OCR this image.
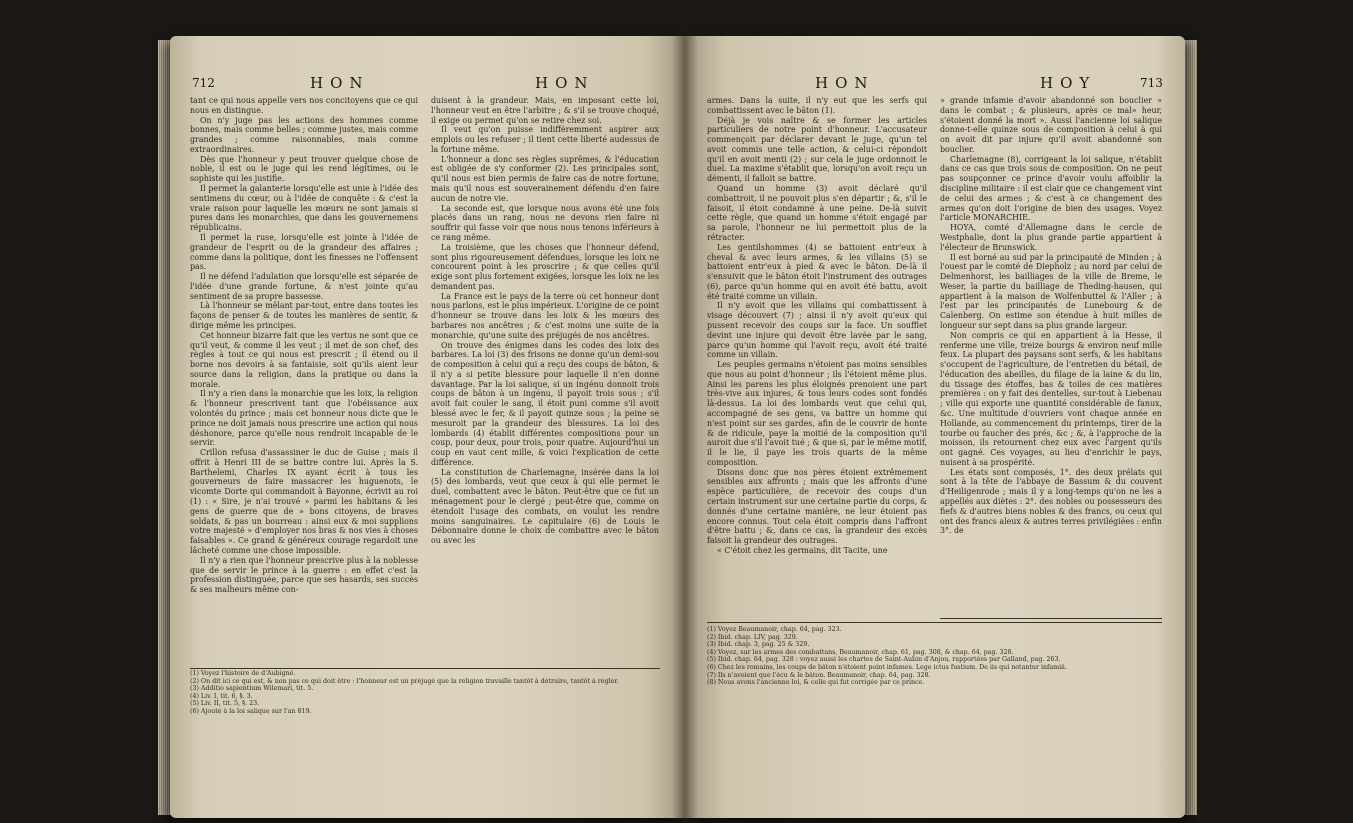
712	HON	HON

tant ce qui nous appelle vers nos concitoyens que ce qui nous en distingue.

On n'y juge pas les actions des hommes comme bonnes, mais comme belles ; comme justes, mais comme grandes ; comme raisonnables, mais comme extraordinaires.

Dès que l'honneur y peut trouver quelque chose de noble, il est ou le juge qui les rend légitimes, ou le sophiste qui les justifie.

Il permet la galanterie lorsqu'elle est unie à l'idée des sentimens du cœur, ou à l'idée de conquête : & c'est la vraie raison pour laquelle les mœurs ne sont jamais si pures dans les monarchies, que dans les gouvernemens républicains.

Il permet la ruse, lorsqu'elle est jointe à l'idée de grandeur de l'esprit ou de la grandeur des affaires ; comme dans la politique, dont les finesses ne l'offensent pas.

Il ne défend l'adulation que lorsqu'elle est séparée de l'idée d'une grande fortune, & n'est jointe qu'au sentiment de sa propre bassesse.

Là l'honneur se mêlant par-tout, entre dans toutes les façons de penser & de toutes les manières de sentir, & dirige même les principes.

Cet honneur bizarre fait que les vertus ne sont que ce qu'il veut, & comme il les veut ; il met de son chef, des règles à tout ce qui nous est prescrit ; il étend ou il borne nos devoirs à sa fantaisie, soit qu'ils aient leur source dans la religion, dans la pratique ou dans la morale.

Il n'y a rien dans la monarchie que les loix, la religion & l'honneur prescrivent tant que l'obéissance aux volontés du prince ; mais cet honneur nous dicte que le prince ne doit jamais nous prescrire une action qui nous déshonore, parce qu'elle nous rendroit incapable de le servir.

Crillon refusa d'assassiner le duc de Guise ; mais il offrit à Henri III de se battre contre lui. Après la S. Barthelemi, Charles IX ayant écrit à tous les gouverneurs de faire massacrer les huguenots, le vicomte Dorte qui commandoit à Bayonne, écrivit au roi (1) : « Sire, je n'ai trouvé » parmi les habitans & les gens de guerre que de » bons citoyens, de braves soldats, & pas un bourreau : ainsi eux & moi supplions votre majesté » d'employer nos bras & nos vies à choses faisables ». Ce grand & généreux courage regardoit une lâcheté comme une chose impossible.

Il n'y a rien que l'honneur prescrive plus à la noblesse que de servir le prince à la guerre : en effet c'est la profession distinguée, parce que ses hasards, ses succès & ses malheurs même con-

duisent à la grandeur. Mais, en imposant cette loi, l'honneur veut en être l'arbitre ; & s'il se trouve choqué, il exige ou permet qu'on se retire chez soi.

Il veut qu'on puisse indifféremment aspirer aux emplois ou les refuser ; il tient cette liberté audessus de la fortune même.

L'honneur a donc ses règles suprêmes, & l'éducation est obligée de s'y conformer (2). Les principales sont, qu'il nous est bien permis de faire cas de notre fortune, mais qu'il nous est souverainement défendu d'en faire aucun de notre vie.

La seconde est, que lorsque nous avons été une fois placés dans un rang, nous ne devons rien faire ni souffrir qui fasse voir que nous nous tenons inférieurs à ce rang même.

La troisième, que les choses que l'honneur défend, sont plus rigoureusement défendues, lorsque les loix ne concourent point à les proscrire ; & que celles qu'il exige sont plus fortement exigées, lorsque les loix ne les demandent pas.

La France est le pays de la terre où cet honneur dont nous parlons, est le plus impérieux. L'origine de ce point d'honneur se trouve dans les loix & les mœurs des barbares nos ancêtres ; & c'est moins une suite de la monarchie, qu'une suite des préjugés de nos ancêtres.

On trouve des énigmes dans les codes des loix des barbares. La loi (3) des frisons ne donne qu'un demi-sou de composition à celui qui a reçu des coups de bâton, & il n'y a si petite blessure pour laquelle il n'en donne davantage. Par la loi salique, si un ingénu donnoit trois coups de bâton à un ingénu, il payoit trois sous ; s'il avoit fait couler le sang, il étoit puni comme s'il avoit blessé avec le fer, & il payoit quinze sous ; la peine se mesuroit par la grandeur des blessures. La loi des lombards (4) établit différentes compositions pour un coup, pour deux, pour trois, pour quatre. Aujourd'hui un coup en vaut cent mille, & voici l'explication de cette différence.

La constitution de Charlemagne, insérée dans la loi (5) des lombards, veut que ceux à qui elle permet le duel, combattent avec le bâton. Peut-être que ce fut un ménagement pour le clergé ; peut-être que, comme on étendoit l'usage des combats, on voulut les rendre moins sanguinaires. Le capitulaire (6) de Louis le Débonnaire donne le choix de combattre avec le bâton ou avec les

(1) Voyez l'histoire de d'Aubigné.
(2) On dit ici ce qui est, & non pas ce qui doit être : l'honneur est un préjugé que la religion travaille tantôt à détruire, tantôt à régler.
(3) Additio sapientium Wilemari, tit. 5.
(4) Liv. I, tit. 6, §. 3.
(5) Liv. II, tit. 5, §. 23.
(6) Ajouté à la loi salique sur l'an 819.
HON	HOY	713

armes. Dans la suite, il n'y eut que les serfs qui combattissent avec le bâton (1).

Déjà je vois naître & se former les articles particuliers de notre point d'honneur. L'accusateur commençoit par déclarer devant le juge, qu'un tel avoit commis une telle action, & celui-ci répondoit qu'il en avoit menti (2) ; sur cela le juge ordonnoit le duel. La maxime s'établit que, lorsqu'on avoit reçu un démenti, il falloit se battre.

Quand un homme (3) avoit déclaré qu'il combattroit, il ne pouvoit plus s'en départir ; &, s'il le faisoit, il étoit condamné à une peine. De-là suivit cette règle, que quand un homme s'étoit engagé par sa parole, l'honneur ne lui permettoit plus de la rétracter.

Les gentilshommes (4) se battoient entr'eux à cheval & avec leurs armes, & les villains (5) se battoient entr'eux à pied & avec le bâton. De-là il s'ensuivit que le bâton étoit l'instrument des outrages (6), parce qu'un homme qui en avoit été battu, avoit été traité comme un villain.

Il n'y avoit que les villains qui combattissent à visage découvert (7) ; ainsi il n'y avoit qu'eux qui pussent recevoir des coups sur la face. Un soufflet devint une injure qui devoit être lavée par le sang, parce qu'un homme qui l'avoit reçu, avoit été traité comme un villain.

Les peuples germains n'étoient pas moins sensibles que nous au point d'honneur ; ils l'étoient même plus. Ainsi les parens les plus éloignés prenoient une part très-vive aux injures, & tous leurs codes sont fondés là-dessus. La loi des lombards veut que celui qui, accompagné de ses gens, va battre un homme qui n'est point sur ses gardes, afin de le couvrir de honte & de ridicule, paye la moitié de la composition qu'il auroit due s'il l'avoit tué ; & que si, par le même motif, il le lie, il paye les trois quarts de la même composition.

Disons donc que nos pères étoient extrêmement sensibles aux affronts ; mais que les affronts d'une espèce particulière, de recevoir des coups d'un certain instrument sur une certaine partie du corps, & donnés d'une certaine manière, ne leur étoient pas encore connus. Tout cela étoit compris dans l'affront d'être battu ; &, dans ce cas, la grandeur des excès faisoit la grandeur des outrages.

« C'étoit chez les germains, dit Tacite, une

» grande infamie d'avoir abandonné son bouclier » dans le combat ; & plusieurs, après ce mal» heur, s'étoient donné la mort ». Aussi l'ancienne loi salique donne-t-elle quinze sous de composition à celui à qui on avoit dit par injure qu'il avoit abandonné son bouclier.

Charlemagne (8), corrigeant la loi salique, n'établit dans ce cas que trois sous de composition. On ne peut pas soupçonner ce prince d'avoir voulu affoiblir la discipline militaire : il est clair que ce changement vint de celui des armes ; & c'est à ce changement des armes qu'on doit l'origine de bien des usages. Voyez l'article MONARCHIE.

HOYA, comté d'Allemagne dans le cercle de Westphalie, dont la plus grande partie appartient à l'électeur de Brunswick.

Il est borné au sud par la principauté de Minden ; à l'ouest par le comté de Diepholz ; au nord par celui de Delmenhorst, les bailliages de la ville de Breme, le Weser, la partie du bailliage de Theding-hausen, qui appartient à la maison de Wolfenbuttel & l'Aller ; à l'est par les principautés de Lunebourg & de Calenberg. On estime son étendue à huit milles de longueur sur sept dans sa plus grande largeur.

Non compris ce qui en appartient à la Hesse, il renferme une ville, treize bourgs & environ neuf mille feux. La plupart des paysans sont serfs, & les habitans s'occupent de l'agriculture, de l'entretien du bétail, de l'éducation des abeilles, du filage de la laine & du lin, du tissage des étoffes, bas & toiles de ces matières premières : on y fait des dentelles, sur-tout à Liebenau ; ville qui exporte une quantité considérable de fanux, &c. Une multitude d'ouvriers vont chaque année en Hollande, au commencement du printemps, tirer de la tourbe ou faucher des prés, &c ; &, à l'approche de la moisson, ils retournent chez eux avec l'argent qu'ils ont gagné. Ces voyages, au lieu d'enrichir le pays, nuisent à sa prospérité.

Les états sont composés, 1°. des deux prélats qui sont à la tête de l'abbaye de Bassum & du couvent d'Heiligenrode ; mais il y a long-temps qu'on ne les a appellés aux diètes : 2°. des nobles ou possesseurs des fiefs & d'autres biens nobles & des francs, ou ceux qui ont des francs aleux & autres terres privilégiées : enfin 3°. de

(1) Voyez Beaumanoir, chap. 64, pag. 323.
(2) Ibid. chap. LIV, pag. 329.
(3) Ibid. chap. 3, pag. 25 & 329.
(4) Voyez, sur les armes des combattans, Beaumanoir, chap. 61, pag. 308, & chap. 64, pag. 328.
(5) Ibid. chap. 64, pag. 328 : voyez aussi les chartes de Saint-Aubin d'Anjou, rapportées par Galland, pag. 263.
(6) Chez les romains, les coups de bâton n'étoient point infames. Lege ictus fustium. De iis qui notantur infamiâ.
(7) Ils n'avoient que l'écu & le bâton. Beaumanoir, chap. 64, pag. 328.
(8) Nous avons l'ancienne loi, & celle qui fut corrigée par ce prince.
